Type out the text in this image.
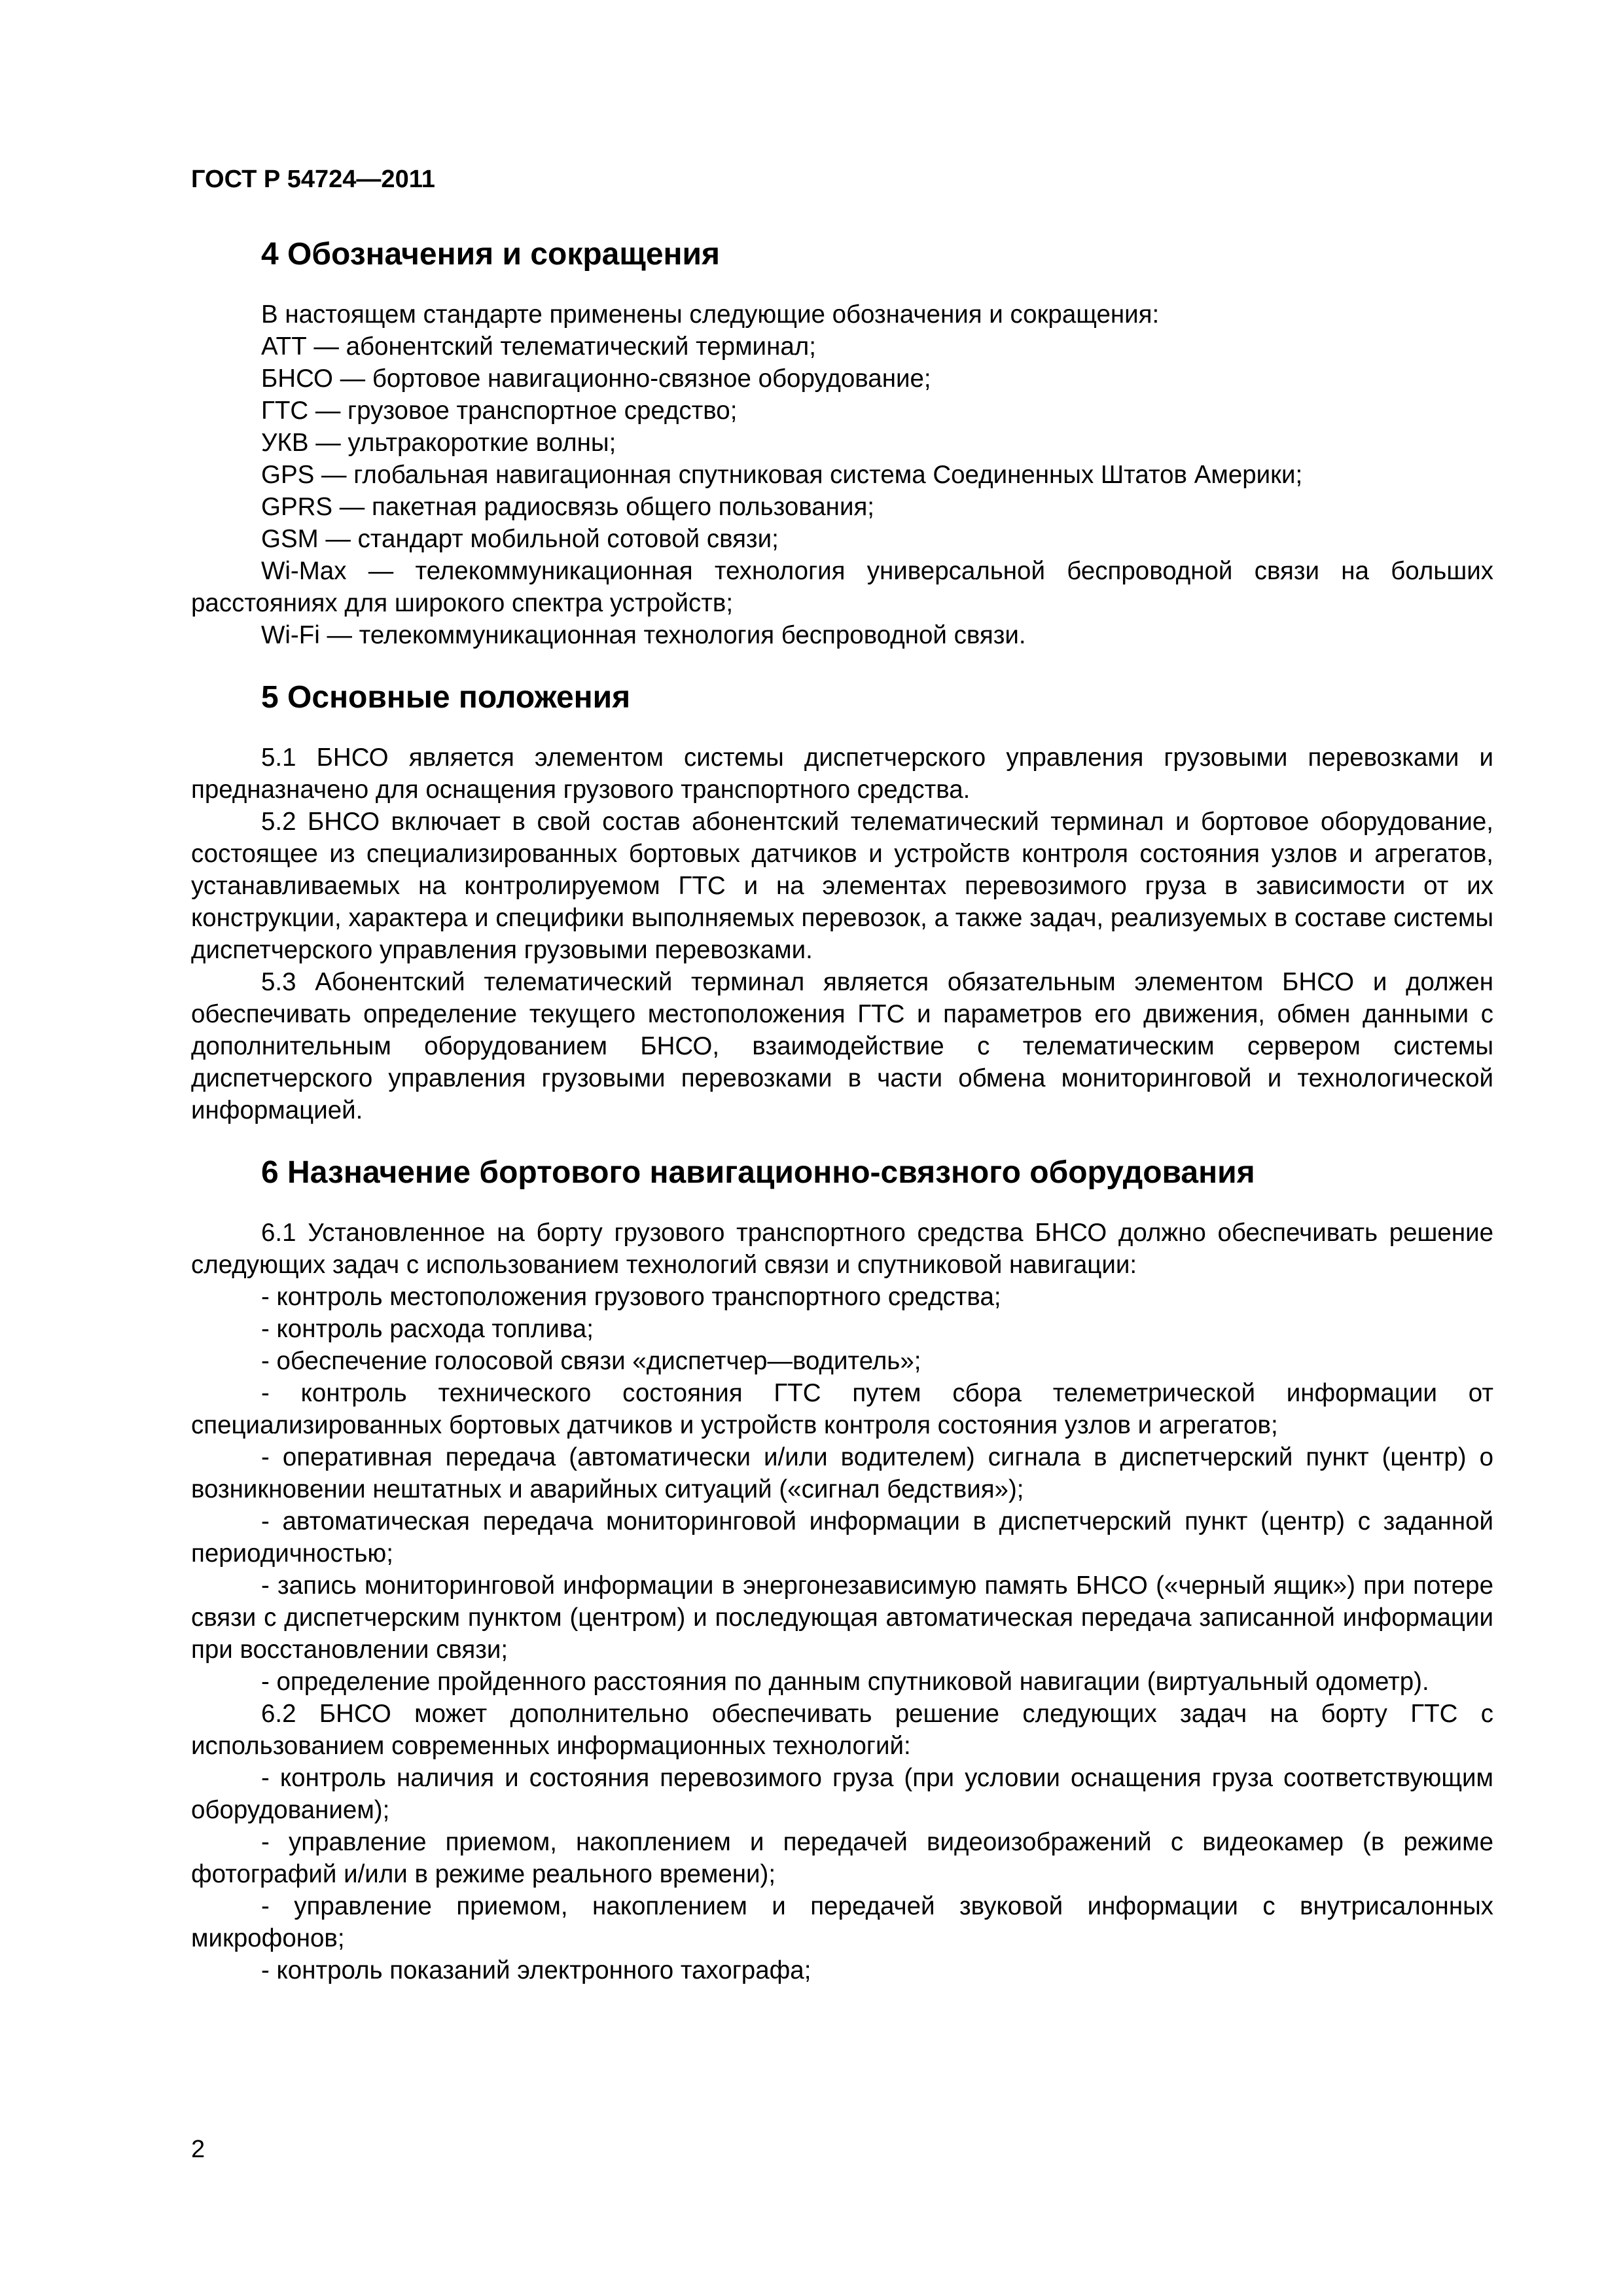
ГОСТ Р 54724—2011

4 Обозначения и сокращения

В настоящем стандарте применены следующие обозначения и сокращения:

АТТ — абонентский телематический терминал;

БНСО — бортовое навигационно-связное оборудование;

ГТС — грузовое транспортное средство;

УКВ — ультракороткие волны;

GPS — глобальная навигационная спутниковая система Соединенных Штатов Америки;

GPRS — пакетная радиосвязь общего пользования;

GSM — стандарт мобильной сотовой связи;

Wi-Max — телекоммуникационная технология универсальной беспроводной связи на больших расстояниях для широкого спектра устройств;

Wi-Fi — телекоммуникационная технология беспроводной связи.

5 Основные положения

5.1 БНСО является элементом системы диспетчерского управления грузовыми перевозками и предназначено для оснащения грузового транспортного средства.

5.2 БНСО включает в свой состав абонентский телематический терминал и бортовое оборудование, состоящее из специализированных бортовых датчиков и устройств контроля состояния узлов и агрегатов, устанавливаемых на контролируемом ГТС и на элементах перевозимого груза в зависимости от их конструкции, характера и специфики выполняемых перевозок, а также задач, реализуемых в составе системы диспетчерского управления грузовыми перевозками.

5.3 Абонентский телематический терминал является обязательным элементом БНСО и должен обеспечивать определение текущего местоположения ГТС и параметров его движения, обмен данными с дополнительным оборудованием БНСО, взаимодействие с телематическим сервером системы диспетчерского управления грузовыми перевозками в части обмена мониторинговой и технологической информацией.

6 Назначение бортового навигационно-связного оборудования

6.1 Установленное на борту грузового транспортного средства БНСО должно обеспечивать решение следующих задач с использованием технологий связи и спутниковой навигации:

- контроль местоположения грузового транспортного средства;

- контроль расхода топлива;

- обеспечение голосовой связи «диспетчер—водитель»;

- контроль технического состояния ГТС путем сбора телеметрической информации от специализированных бортовых датчиков и устройств контроля состояния узлов и агрегатов;

- оперативная передача (автоматически и/или водителем) сигнала в диспетчерский пункт (центр) о возникновении нештатных и аварийных ситуаций («сигнал бедствия»);

- автоматическая передача мониторинговой информации в диспетчерский пункт (центр) с заданной периодичностью;

- запись мониторинговой информации в энергонезависимую память БНСО («черный ящик») при потере связи с диспетчерским пунктом (центром) и последующая автоматическая передача записанной информации при восстановлении связи;

- определение пройденного расстояния по данным спутниковой навигации (виртуальный одометр).

6.2 БНСО может дополнительно обеспечивать решение следующих задач на борту ГТС с использованием современных информационных технологий:

- контроль наличия и состояния перевозимого груза (при условии оснащения груза соответствующим оборудованием);

- управление приемом, накоплением и передачей видеоизображений с видеокамер (в режиме фотографий и/или в режиме реального времени);

- управление приемом, накоплением и передачей звуковой информации с внутрисалонных микрофонов;

- контроль показаний электронного тахографа;

2
